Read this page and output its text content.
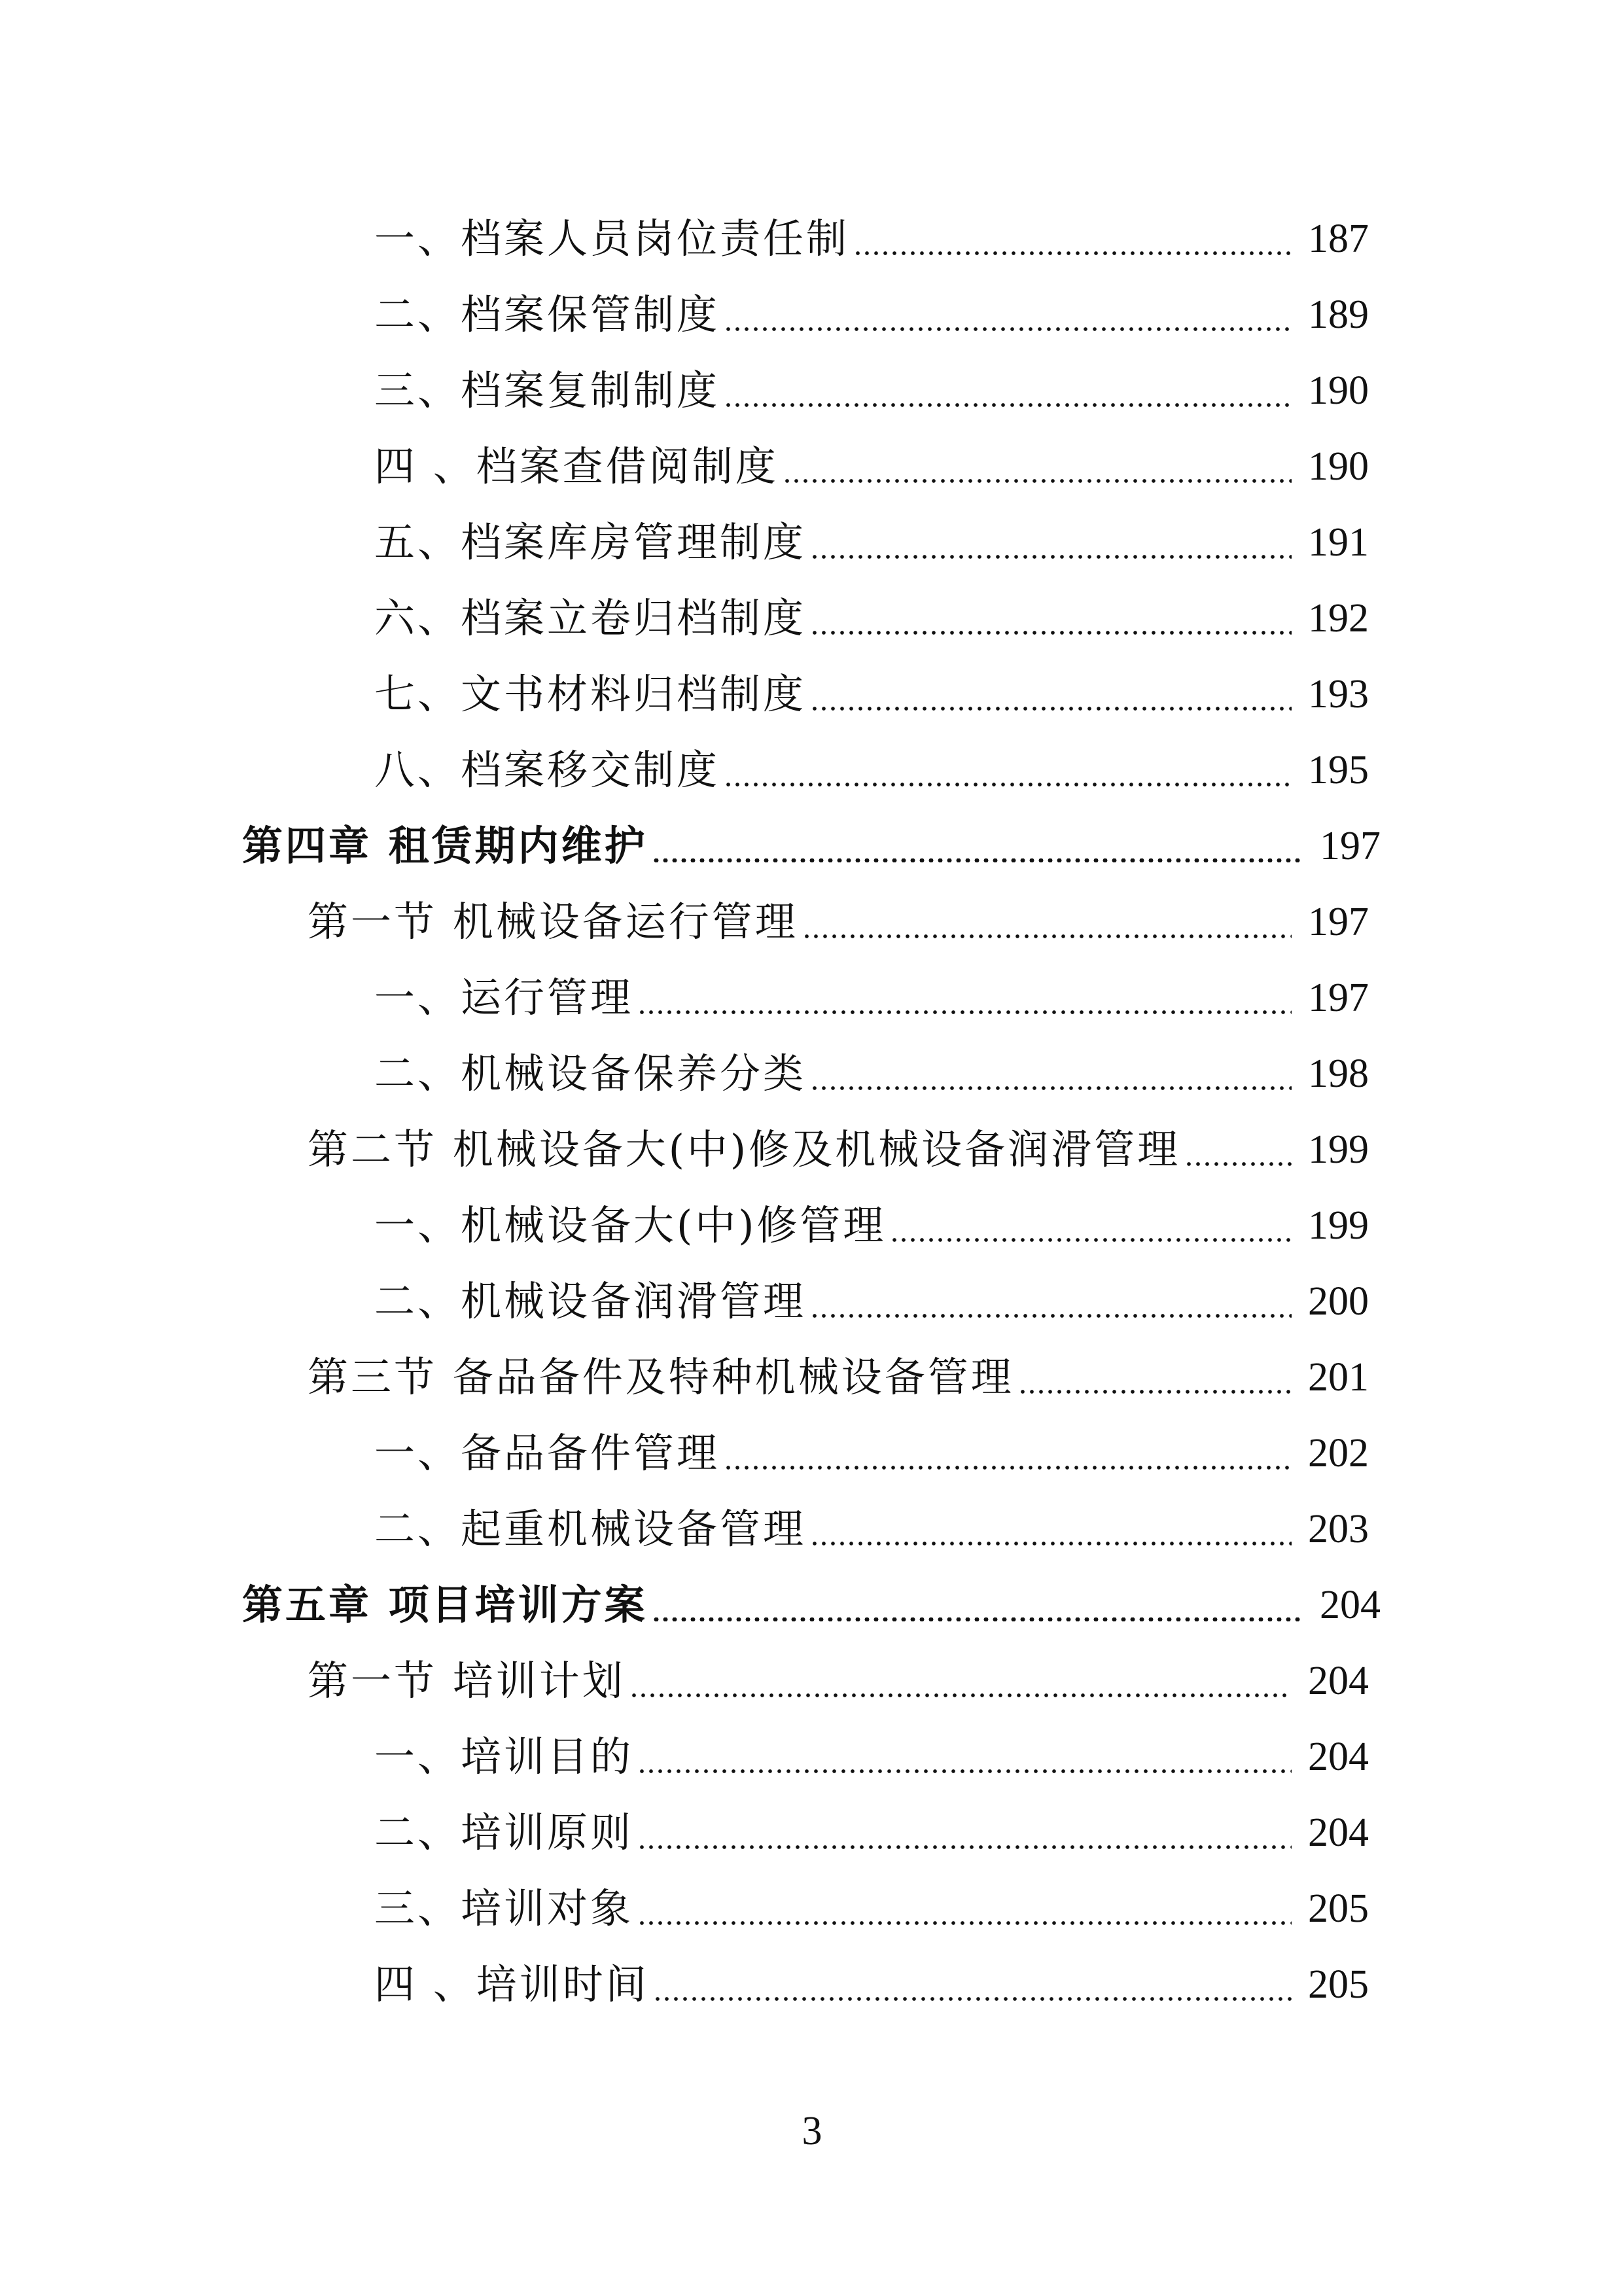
一、档案人员岗位责任制	187
二、档案保管制度	189
三、档案复制制度	190
四 、档案查借阅制度	190
五、档案库房管理制度	191
六、档案立卷归档制度	192
七、文书材料归档制度	193
八、档案移交制度	195
第四章 租赁期内维护	197
第一节 机械设备运行管理	197
一、运行管理	197
二、机械设备保养分类	198
第二节 机械设备大(中)修及机械设备润滑管理	199
一、机械设备大(中)修管理	199
二、机械设备润滑管理	200
第三节 备品备件及特种机械设备管理	201
一、备品备件管理	202
二、起重机械设备管理	203
第五章 项目培训方案	204
第一节 培训计划	204
一、培训目的	204
二、培训原则	204
三、培训对象	205
四 、培训时间	205
3
